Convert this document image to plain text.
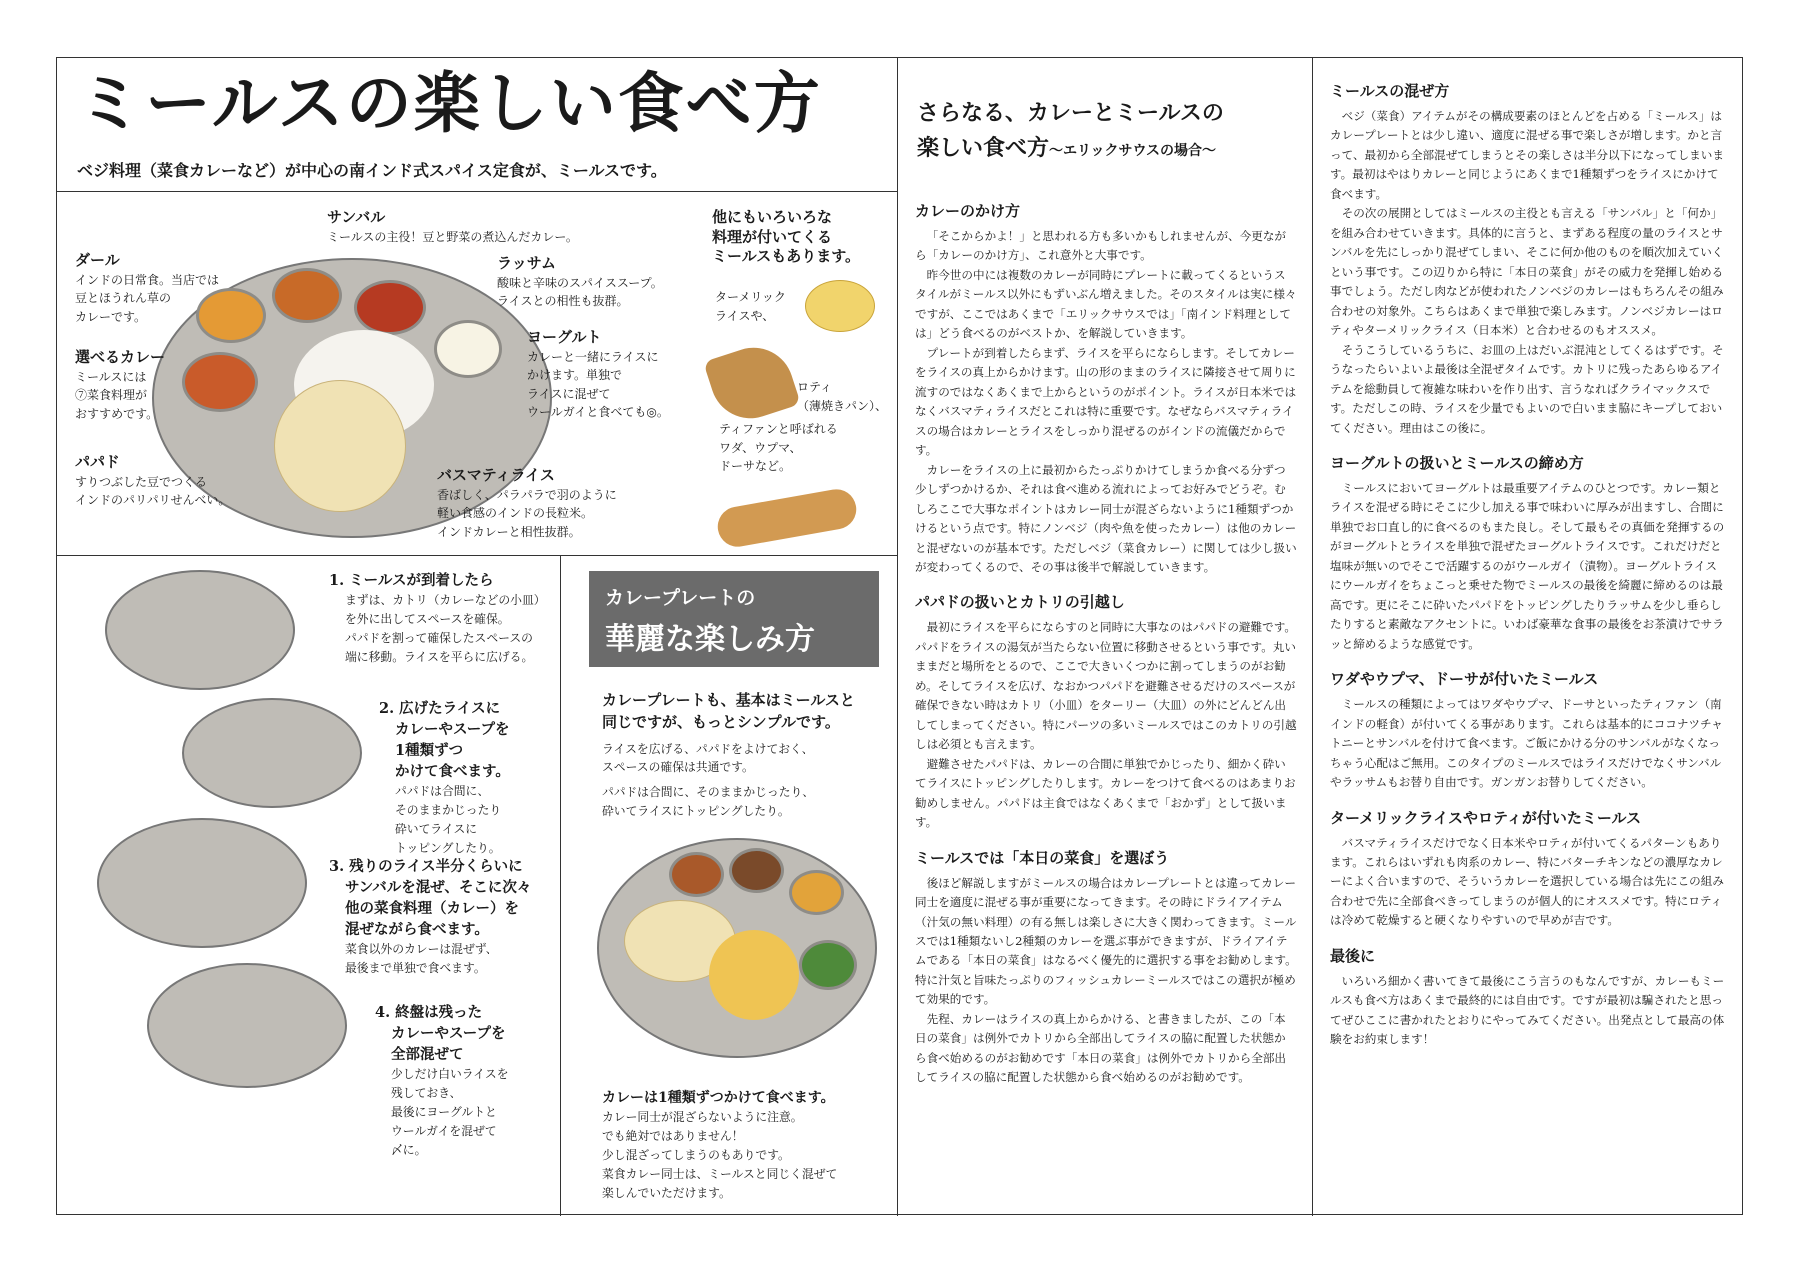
ミールスの楽しい食べ方
ベジ料理（菜食カレーなど）が中心の南インド式スパイス定食が、ミールスです。
サンバル
ミールスの主役！豆と野菜の煮込んだカレー。
ダール
インドの日常食。当店では
豆とほうれん草の
カレーです。
ラッサム
酸味と辛味のスパイススープ。
ライスとの相性も抜群。
ヨーグルト
カレーと一緒にライスに
かけます。単独で
ライスに混ぜて
ウールガイと食べても◎。
選べるカレー
ミールスには
⑦菜食料理が
おすすめです。
パパド
すりつぶした豆でつくる
インドのパリパリせんべい。
バスマティライス
香ばしく、パラパラで羽のように
軽い食感のインドの長粒米。
インドカレーと相性抜群。
他にもいろいろな
料理が付いてくる
ミールスもあります。
ターメリック
ライスや、
ロティ
（薄焼きパン）、
ティファンと呼ばれる
ワダ、ウプマ、
ドーサなど。
1. ミールスが到着したら
まずは、カトリ（カレーなどの小皿）
を外に出してスペースを確保。
パパドを割って確保したスペースの
端に移動。ライスを平らに広げる。
2. 広げたライスに
カレーやスープを
1種類ずつ
かけて食べます。
パパドは合間に、
そのままかじったり
砕いてライスに
トッピングしたり。
3. 残りのライス半分くらいに
サンバルを混ぜ、そこに次々
他の菜食料理（カレー）を
混ぜながら食べます。
菜食以外のカレーは混ぜず、
最後まで単独で食べます。
4. 終盤は残った
カレーやスープを
全部混ぜて
少しだけ白いライスを
残しておき、
最後にヨーグルトと
ウールガイを混ぜて
〆に。
カレープレートの
華麗な楽しみ方
カレープレートも、基本はミールスと
同じですが、もっとシンプルです。
ライスを広げる、パパドをよけておく、
スペースの確保は共通です。
パパドは合間に、そのままかじったり、
砕いてライスにトッピングしたり。
カレーは1種類ずつかけて食べます。
カレー同士が混ざらないように注意。
でも絶対ではありません！
少し混ざってしまうのもありです。
菜食カレー同士は、ミールスと同じく混ぜて
楽しんでいただけます。
さらなる、カレーとミールスの
楽しい食べ方～エリックサウスの場合～
カレーのかけ方

「そこからかよ！」と思われる方も多いかもしれませんが、今更ながら「カレーのかけ方」、これ意外と大事です。

昨今世の中には複数のカレーが同時にプレートに載ってくるというスタイルがミールス以外にもずいぶん増えました。そのスタイルは実に様々ですが、ここではあくまで「エリックサウスでは」「南インド料理としては」どう食べるのがベストか、を解説していきます。

プレートが到着したらまず、ライスを平らにならします。そしてカレーをライスの真上からかけます。山の形のままのライスに隣接させて周りに流すのではなくあくまで上からというのがポイント。ライスが日本米ではなくバスマティライスだとこれは特に重要です。なぜならバスマティライスの場合はカレーとライスをしっかり混ぜるのがインドの流儀だからです。

カレーをライスの上に最初からたっぷりかけてしまうか食べる分ずつ少しずつかけるか、それは食べ進める流れによってお好みでどうぞ。むしろここで大事なポイントはカレー同士が混ざらないように1種類ずつかけるという点です。特にノンベジ（肉や魚を使ったカレー）は他のカレーと混ぜないのが基本です。ただしベジ（菜食カレー）に関しては少し扱いが変わってくるので、その事は後半で解説していきます。

パパドの扱いとカトリの引越し

最初にライスを平らにならすのと同時に大事なのはパパドの避難です。パパドをライスの湯気が当たらない位置に移動させるという事です。丸いままだと場所をとるので、ここで大きいくつかに割ってしまうのがお勧め。そしてライスを広げ、なおかつパパドを避難させるだけのスペースが確保できない時はカトリ（小皿）をターリー（大皿）の外にどんどん出してしまってください。特にパーツの多いミールスではこのカトリの引越しは必須とも言えます。

避難させたパパドは、カレーの合間に単独でかじったり、細かく砕いてライスにトッピングしたりします。カレーをつけて食べるのはあまりお勧めしません。パパドは主食ではなくあくまで「おかず」として扱います。

ミールスでは「本日の菜食」を選ぼう

後ほど解説しますがミールスの場合はカレープレートとは違ってカレー同士を適度に混ぜる事が重要になってきます。その時にドライアイテム（汁気の無い料理）の有る無しは楽しさに大きく関わってきます。ミールスでは1種類ないし2種類のカレーを選ぶ事ができますが、ドライアイテムである「本日の菜食」はなるべく優先的に選択する事をお勧めします。特に汁気と旨味たっぷりのフィッシュカレーミールスではこの選択が極めて効果的です。

先程、カレーはライスの真上からかける、と書きましたが、この「本日の菜食」は例外でカトリから全部出してライスの脇に配置した状態から食べ始めるのがお勧めです「本日の菜食」は例外でカトリから全部出してライスの脇に配置した状態から食べ始めるのがお勧めです。

ミールスの混ぜ方

ベジ（菜食）アイテムがその構成要素のほとんどを占める「ミールス」はカレープレートとは少し違い、適度に混ぜる事で楽しさが増します。かと言って、最初から全部混ぜてしまうとその楽しさは半分以下になってしまいます。最初はやはりカレーと同じようにあくまで1種類ずつをライスにかけて食べます。

その次の展開としてはミールスの主役とも言える「サンバル」と「何か」を組み合わせていきます。具体的に言うと、まずある程度の量のライスとサンバルを先にしっかり混ぜてしまい、そこに何か他のものを順次加えていくという事です。この辺りから特に「本日の菜食」がその威力を発揮し始める事でしょう。ただし肉などが使われたノンベジのカレーはもちろんその組み合わせの対象外。こちらはあくまで単独で楽しみます。ノンベジカレーはロティやターメリックライス（日本米）と合わせるのもオススメ。

そうこうしているうちに、お皿の上はだいぶ混沌としてくるはずです。そうなったらいよいよ最後は全混ぜタイムです。カトリに残ったあらゆるアイテムを総動員して複雑な味わいを作り出す、言うなればクライマックスです。ただしこの時、ライスを少量でもよいので白いまま脇にキープしておいてください。理由はこの後に。

ヨーグルトの扱いとミールスの締め方

ミールスにおいてヨーグルトは最重要アイテムのひとつです。カレー類とライスを混ぜる時にそこに少し加える事で味わいに厚みが出ますし、合間に単独でお口直し的に食べるのもまた良し。そして最もその真価を発揮するのがヨーグルトとライスを単独で混ぜたヨーグルトライスです。これだけだと塩味が無いのでそこで活躍するのがウールガイ（漬物）。ヨーグルトライスにウールガイをちょこっと乗せた物でミールスの最後を綺麗に締めるのは最高です。更にそこに砕いたパパドをトッピングしたりラッサムを少し垂らしたりすると素敵なアクセントに。いわば豪華な食事の最後をお茶漬けでサラッと締めるような感覚です。

ワダやウプマ、ドーサが付いたミールス

ミールスの種類によってはワダやウプマ、ドーサといったティファン（南インドの軽食）が付いてくる事があります。これらは基本的にココナツチャトニーとサンバルを付けて食べます。ご飯にかける分のサンバルがなくなっちゃう心配はご無用。このタイプのミールスではライスだけでなくサンバルやラッサムもお替り自由です。ガンガンお替りしてください。

ターメリックライスやロティが付いたミールス

バスマティライスだけでなく日本米やロティが付いてくるパターンもあります。これらはいずれも肉系のカレー、特にバターチキンなどの濃厚なカレーによく合いますので、そういうカレーを選択している場合は先にこの組み合わせで先に全部食べきってしまうのが個人的にオススメです。特にロティは冷めて乾燥すると硬くなりやすいので早めが吉です。

最後に

いろいろ細かく書いてきて最後にこう言うのもなんですが、カレーもミールスも食べ方はあくまで最終的には自由です。ですが最初は騙されたと思ってぜひここに書かれたとおりにやってみてください。出発点として最高の体験をお約束します！
